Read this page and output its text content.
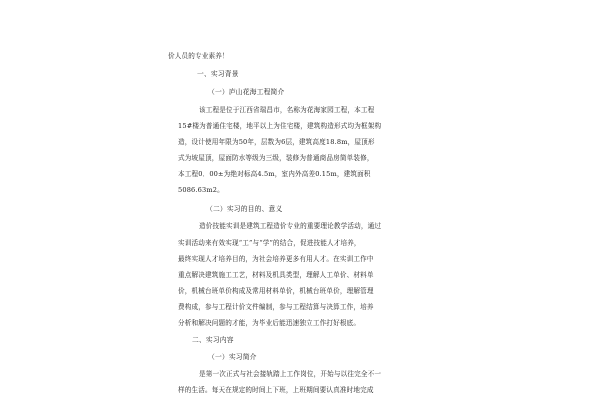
价人员的专业素养！
一、实习背景
（一）庐山花海工程简介
该工程是位于江西省瑞昌市，名称为花海家园工程，本工程
15#楼为普通住宅楼，地平以上为住宅楼，建筑构造形式均为框架构
造，设计使用年限为50年，层数为6层，建筑高度18.8m，屋顶形
式为坡屋顶，屋面防水等级为三级，装修为普通商品房简单装修，
本工程0．00±为绝对标高4.5m，室内外高差0.15m，建筑面积
5086.63m2。
（二）实习的目的、意义
造价技能实训是建筑工程造价专业的重要理论教学活动，通过
实训活动来有效实现“工”与“学”的结合，促进技能人才培养，
最终实现人才培养目的，为社会培养更多有用人才。在实训工作中
重点解决建筑施工工艺，材料及机具类型，理解人工单价、材料单
价，机械台班单价构成及常用材料单价，机械台班单价，理解管理
费构成，参与工程计价文件编制，参与工程结算与决算工作，培养
分析和解决问题的才能，为毕业后能迅速独立工作打好根底。
二、实习内容
（一）实习简介
是第一次正式与社会接轨踏上工作岗位，开始与以往完全不一
样的生活。每天在规定的时间上下班，上班期间要认真准时地完成
